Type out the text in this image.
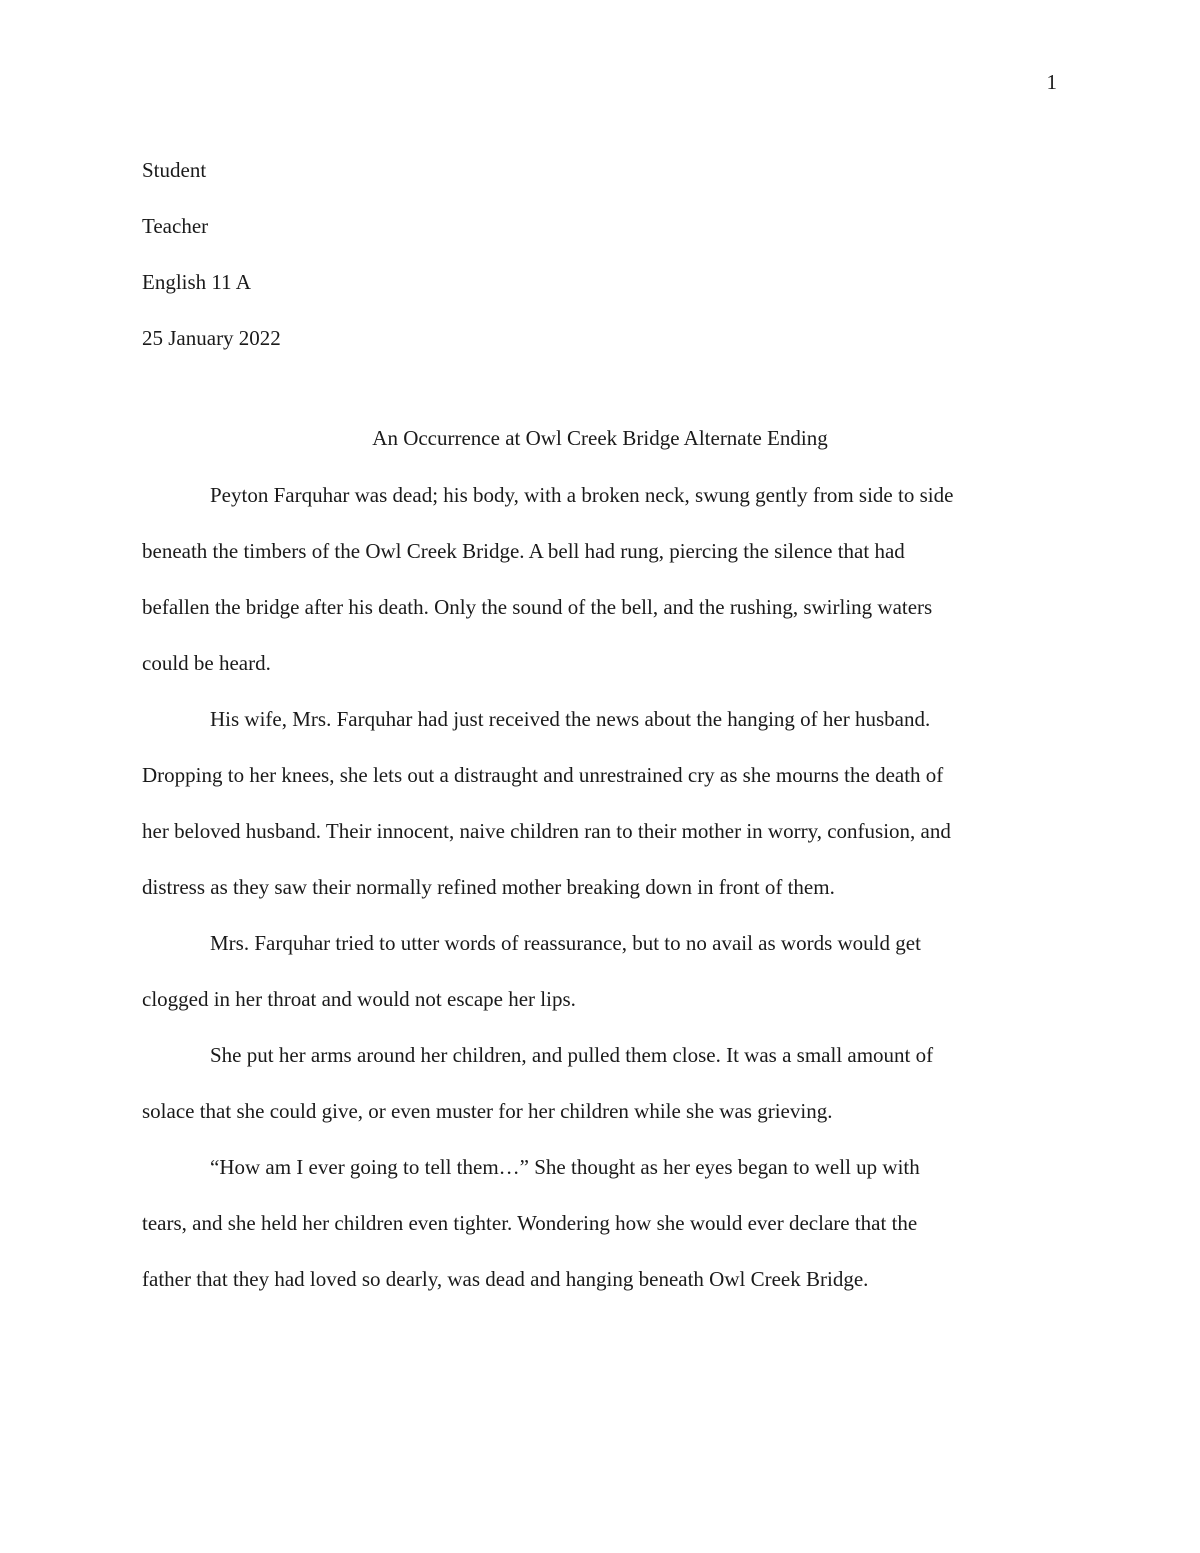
1
Student
Teacher
English 11 A
25 January 2022
An Occurrence at Owl Creek Bridge Alternate Ending
Peyton Farquhar was dead; his body, with a broken neck, swung gently from side to side
beneath the timbers of the Owl Creek Bridge. A bell had rung, piercing the silence that had
befallen the bridge after his death. Only the sound of the bell, and the rushing, swirling waters
could be heard.
His wife, Mrs. Farquhar had just received the news about the hanging of her husband.
Dropping to her knees, she lets out a distraught and unrestrained cry as she mourns the death of
her beloved husband. Their innocent, naive children ran to their mother in worry, confusion, and
distress as they saw their normally refined mother breaking down in front of them.
Mrs. Farquhar tried to utter words of reassurance, but to no avail as words would get
clogged in her throat and would not escape her lips.
She put her arms around her children, and pulled them close. It was a small amount of
solace that she could give, or even muster for her children while she was grieving.
“How am I ever going to tell them…” She thought as her eyes began to well up with
tears, and she held her children even tighter. Wondering how she would ever declare that the
father that they had loved so dearly, was dead and hanging beneath Owl Creek Bridge.
